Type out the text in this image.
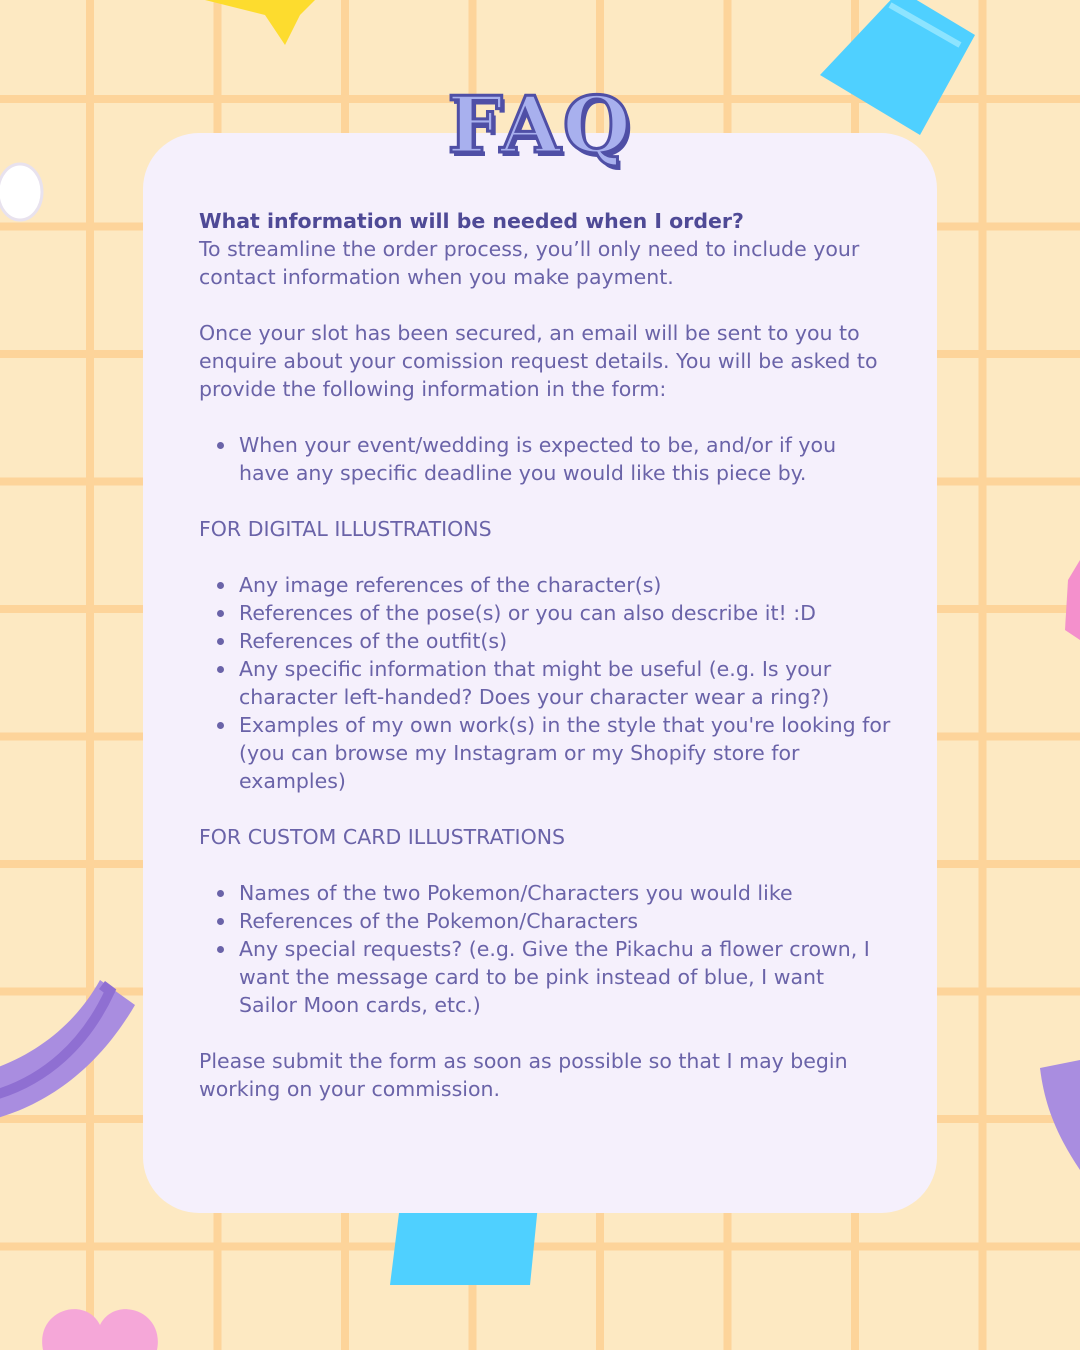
FAQ

What information will be needed when I order?

To streamline the order process, you’ll only need to include your

contact information when you make payment.

Once your slot has been secured, an email will be sent to you to

enquire about your comission request details. You will be asked to

provide the following information in the form:

When your event/wedding is expected to be, and/or if you
have any specific deadline you would like this piece by.

FOR DIGITAL ILLUSTRATIONS

Any image references of the character(s)
References of the pose(s) or you can also describe it! :D
References of the outfit(s)
Any specific information that might be useful (e.g. Is your
character left-handed? Does your character wear a ring?)
Examples of my own work(s) in the style that you're looking for
(you can browse my Instagram or my Shopify store for
examples)

FOR CUSTOM CARD ILLUSTRATIONS

Names of the two Pokemon/Characters you would like
References of the Pokemon/Characters
Any special requests? (e.g. Give the Pikachu a flower crown, I
want the message card to be pink instead of blue, I want
Sailor Moon cards, etc.)

Please submit the form as soon as possible so that I may begin

working on your commission.
